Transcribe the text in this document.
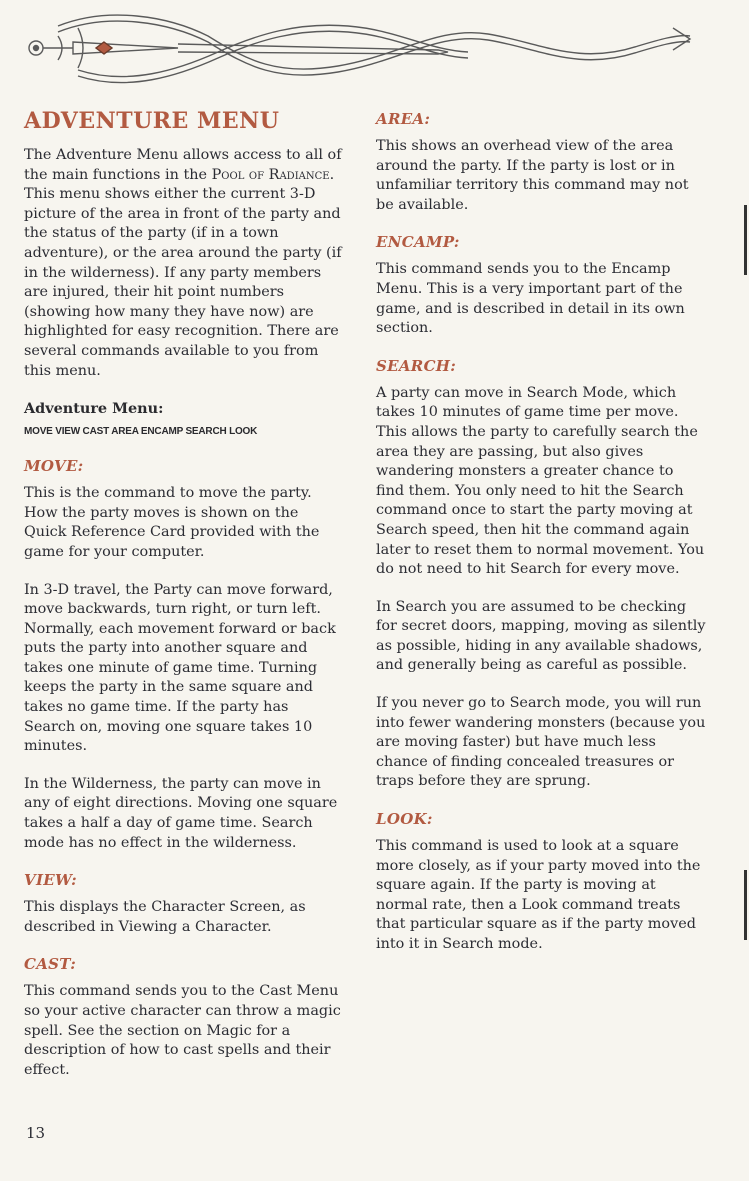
ADVENTURE MENU

The Adventure Menu allows access to all of the main functions in the Pool of Radiance. This menu shows either the current 3-D picture of the area in front of the party and the status of the party (if in a town adventure), or the area around the party (if in the wilderness). If any party members are injured, their hit point numbers (showing how many they have now) are highlighted for easy recognition. There are several commands available to you from this menu.

Adventure Menu:
MOVE VIEW CAST AREA ENCAMP SEARCH LOOK
MOVE:

This is the command to move the party. How the party moves is shown on the Quick Reference Card provided with the game for your computer.

In 3-D travel, the Party can move forward, move backwards, turn right, or turn left. Normally, each movement forward or back puts the party into another square and takes one minute of game time. Turning keeps the party in the same square and takes no game time. If the party has Search on, moving one square takes 10 minutes.

In the Wilderness, the party can move in any of eight directions. Moving one square takes a half a day of game time. Search mode has no effect in the wilderness.

VIEW:

This displays the Character Screen, as described in Viewing a Character.

CAST:

This command sends you to the Cast Menu so your active character can throw a magic spell. See the section on Magic for a description of how to cast spells and their effect.

AREA:

This shows an overhead view of the area around the party. If the party is lost or in unfamiliar territory this command may not be available.

ENCAMP:

This command sends you to the Encamp Menu. This is a very important part of the game, and is described in detail in its own section.

SEARCH:

A party can move in Search Mode, which takes 10 minutes of game time per move. This allows the party to carefully search the area they are passing, but also gives wandering monsters a greater chance to find them. You only need to hit the Search command once to start the party moving at Search speed, then hit the command again later to reset them to normal movement. You do not need to hit Search for every move.

In Search you are assumed to be checking for secret doors, mapping, moving as silently as possible, hiding in any available shadows, and generally being as careful as possible.

If you never go to Search mode, you will run into fewer wandering monsters (because you are moving faster) but have much less chance of finding concealed treasures or traps before they are sprung.

LOOK:

This command is used to look at a square more closely, as if your party moved into the square again. If the party is moving at normal rate, then a Look command treats that particular square as if the party moved into it in Search mode.

13
